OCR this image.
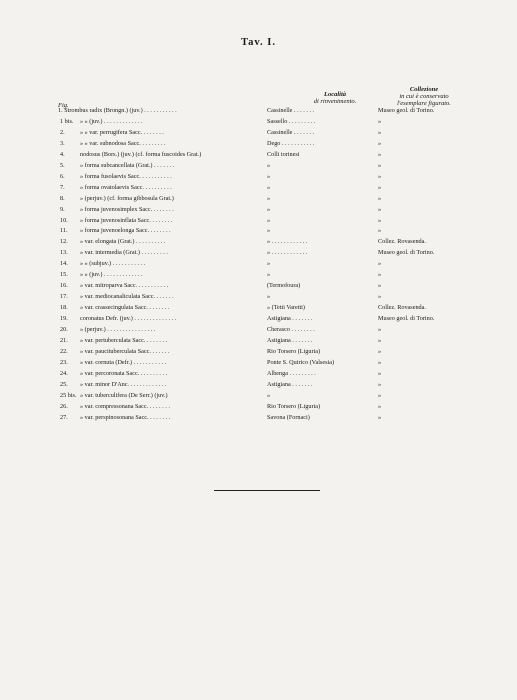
Tav. I.
Fig.
Località
di rinvenimento.
Collezione
in cui è conservato
l'esemplare figurato.
1. Strombus radix (Brongn.) (juv.) . . . . . . . . . . .	Cassinelle . . . . . . .	Museo geol. di Torino.
1 bis. » » (juv.) . . . . . . . . . . . . .	Sassello . . . . . . . . .	»
2. » » var. perrugifera Sacc. . . . . . . .	Cassinelle . . . . . . .	»
3. » » var. subnodosa Sacc. . . . . . . . .	Dego . . . . . . . . . . .	»
4. nodosus (Bors.) (juv.) (cf. forma fuscoides Grat.)	Colli torinesi	»
5. » forma subcancellata (Grat.) . . . . . . .	»	»
6. » forma fusolaevis Sacc. . . . . . . . . . .	»	»
7. » forma ovatolaevis Sacc. . . . . . . . . .	»	»
8. » (perjuv.) (cf. forma gibbosula Grat.)	»	»
9. » forma juvenosimplex Sacc. . . . . . . .	»	»
10. » forma juvenosinflata Sacc. . . . . . . .	»	»
11. » forma juvenoelonga Sacc. . . . . . . .	»	»
12. » var. elongata (Grat.) . . . . . . . . . .	» . . . . . . . . . . . .	Collez. Rovasenda.
13. » var. intermedia (Grat.) . . . . . . . . .	» . . . . . . . . . . . .	Museo geol. di Torino.
14. » » (subjuv.) . . . . . . . . . . .	»	»
15. » » (juv.) . . . . . . . . . . . . .	»	»
16. » var. mitroparva Sacc. . . . . . . . . . .	(Termofoura)	»
17. » var. mediocanaliculata Sacc. . . . . . .	»	»
18. » var. crassecingulata Sacc. . . . . . . .	» (Tetti Varetti)	Collez. Rovasenda.
19. coronatus Defr. (juv.) . . . . . . . . . . . . . .	Astigiana . . . . . . .	Museo geol. di Torino.
20. » (perjuv.) . . . . . . . . . . . . . . . .	Cherasco . . . . . . . .	»
21. » var. pertuberculata Sacc. . . . . . . .	Astigiana . . . . . . .	»
22. » var. paucituberculata Sacc. . . . . . .	Rio Torsero (Liguria)	»
23. » var. cornuta (Defr.) . . . . . . . . . . .	Ponte S. Quirico (Valsesia)	»
24. » var. percoronata Sacc. . . . . . . . . .	Albenga . . . . . . . . .	»
25. » var. minor D'Anc. . . . . . . . . . . . .	Astigiana . . . . . . .	»
25 bis. » var. tuberculifera (De Serr.) (juv.)	»	»
26. » var. compressonana Sacc. . . . . . . .	Rio Torsero (Liguria)	»
27. » var. perspinosonana Sacc. . . . . . . .	Savona (Fornaci)	»
